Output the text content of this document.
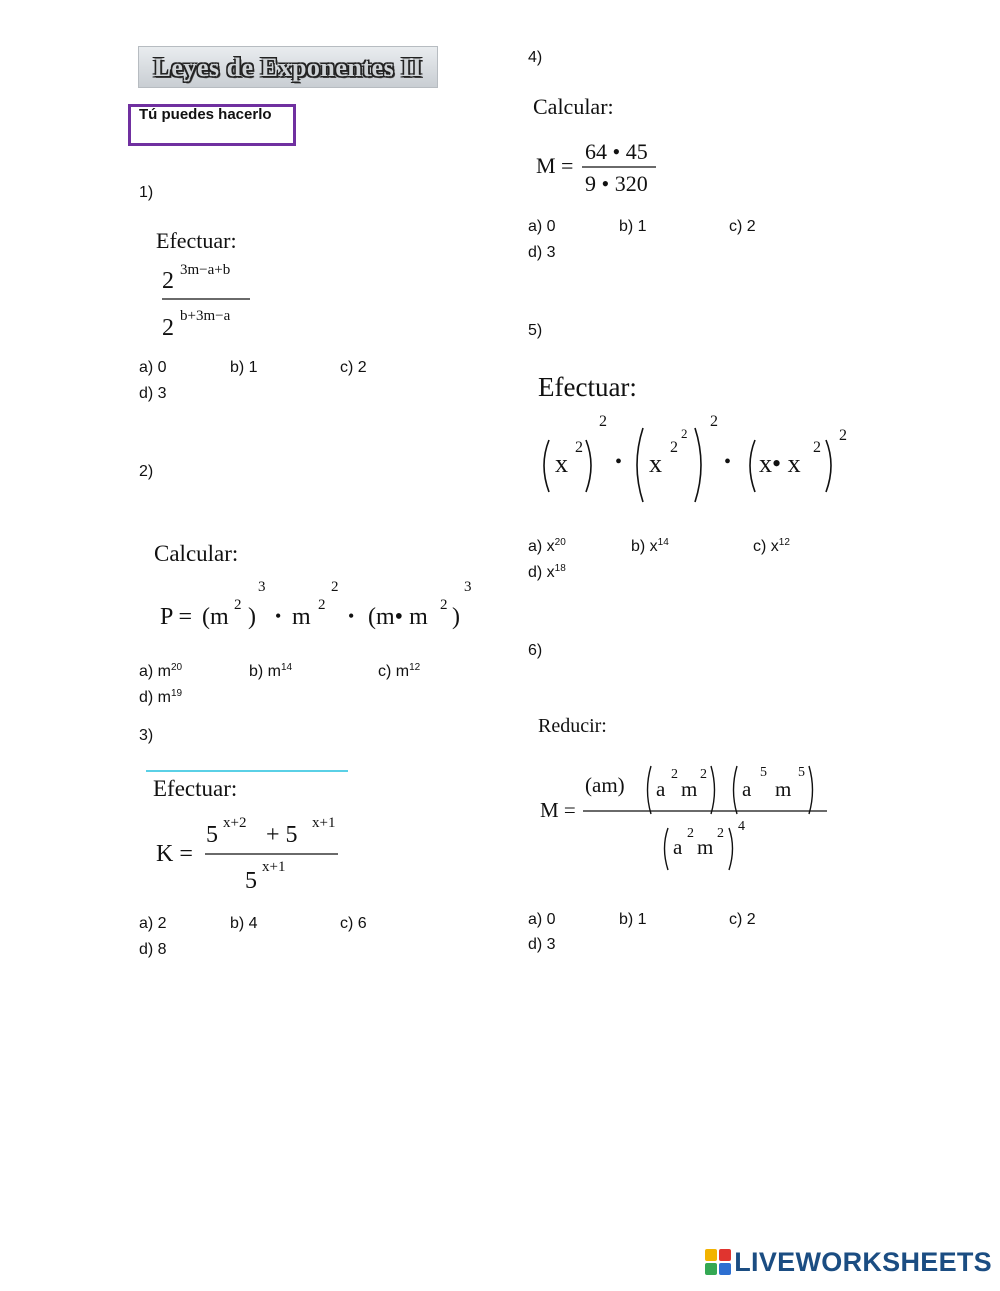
Leyes de Exponentes II
Tú puedes hacerlo
1)
Efectuar:
2 3m−a+b
2 b+3m−a
a) 0	b) 1	c) 2
d) 3
2)
Calcular:
P = (m 2 )
3
• m 2
2
• (m• m 2 )
3
a) $m^{20}$	b) $m^{14}$	c) $m^{12}$
d) $m^{19}$
3)
Efectuar:
K =
5 x+2 + 5 x+1
5
x+1
a) 2	b) 4	c) 6
d) 8
4)
Calcular:
M =
64 • 45
9 • 320
a) 0	b) 1	c) 2
d) 3
5)
Efectuar:
x
2
2
• x
2
2
2
• x• x
2
2
a) $x^{20}$	b) $x^{14}$	c) $x^{12}$
d) $x^{18}$
6)
Reducir:
M =
(am) a
2
m
2
a
5
m
5
a
2
m
2 4
a) 0	b) 1	c) 2
d) 3
LIVEWORKSHEETS
